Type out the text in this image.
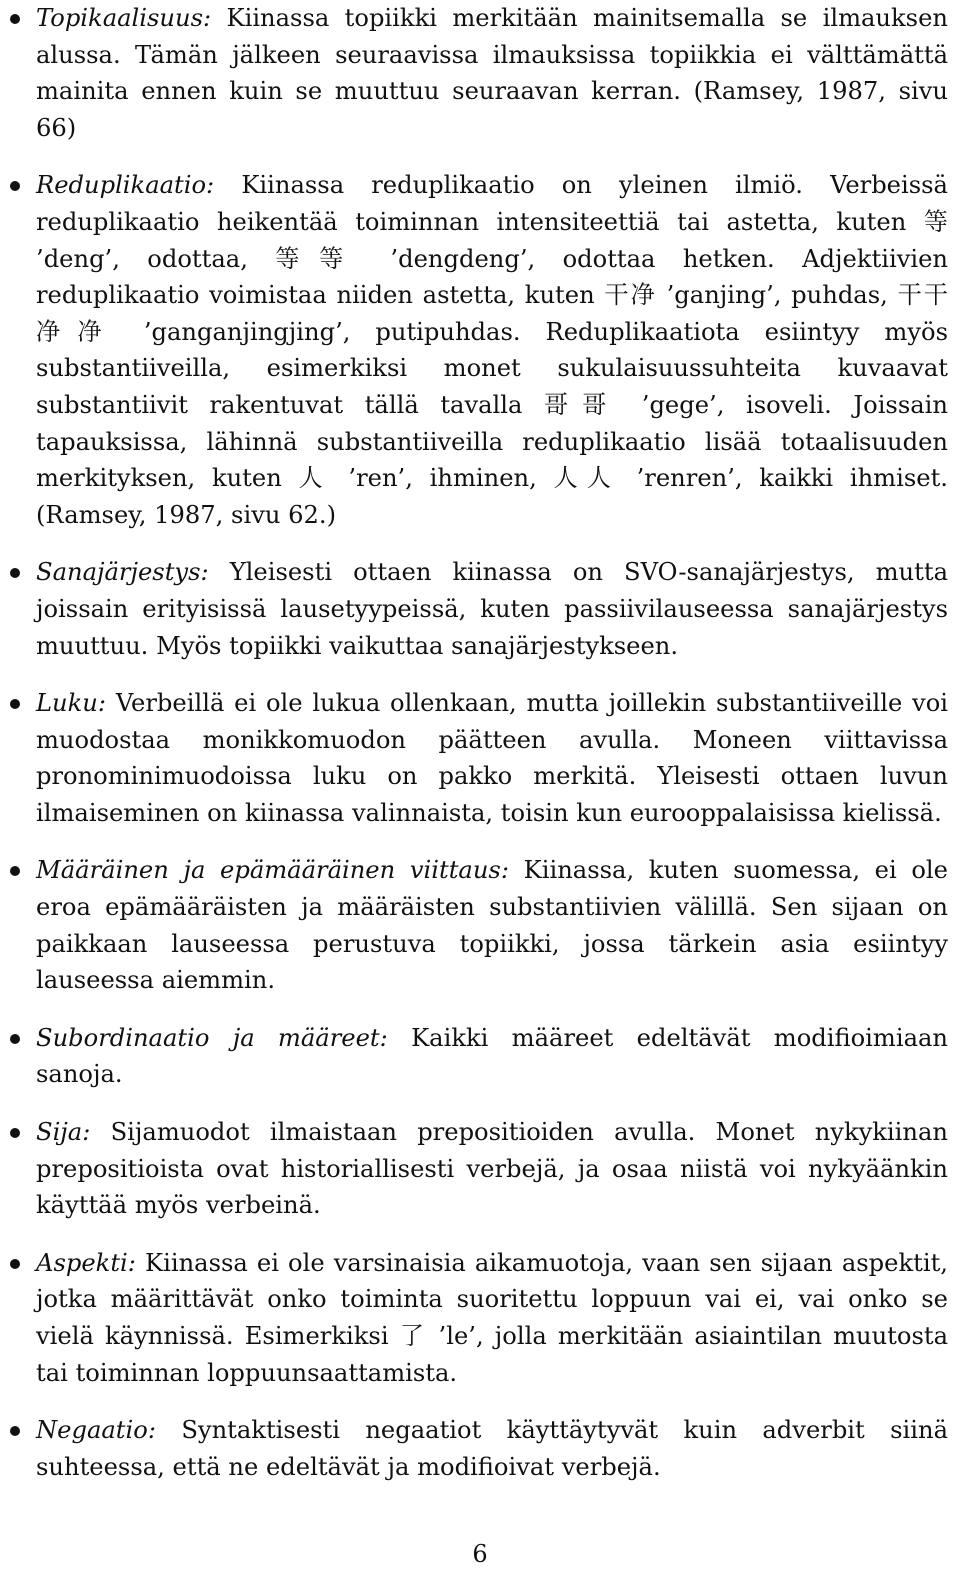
Topikaalisuus: Kiinassa topiikki merkitään mainitsemalla se ilmauksen alussa. Tämän jälkeen seuraavissa ilmauksissa topiikkia ei välttämättä mainita ennen kuin se muuttuu seuraavan kerran. (Ramsey, 1987, sivu 66)
Reduplikaatio: Kiinassa reduplikaatio on yleinen ilmiö. Verbeissä reduplikaatio heikentää toiminnan intensiteettiä tai astetta, kuten 等 ’deng’, odottaa, 等等 ’dengdeng’, odottaa hetken. Adjektiivien reduplikaatio voimistaa niiden astetta, kuten 干净 ’ganjing’, puhdas, 干干净净 ’ganganjingjing’, putipuhdas. Reduplikaatiota esiintyy myös substantiiveilla, esimerkiksi monet sukulaisuussuhteita kuvaavat substantiivit rakentuvat tällä tavalla 哥哥 ’gege’, isoveli. Joissain tapauksissa, lähinnä substantiiveilla reduplikaatio lisää totaalisuuden merkityksen, kuten 人 ’ren’, ihminen, 人人 ’renren’, kaikki ihmiset. (Ramsey, 1987, sivu 62.)
Sanajärjestys: Yleisesti ottaen kiinassa on SVO-sanajärjestys, mutta joissain erityisissä lausetyypeissä, kuten passiivilauseessa sanajärjestys muuttuu. Myös topiikki vaikuttaa sanajärjestykseen.
Luku: Verbeillä ei ole lukua ollenkaan, mutta joillekin substantiiveille voi muodostaa monikkomuodon päätteen avulla. Moneen viittavissa pronominimuodoissa luku on pakko merkitä. Yleisesti ottaen luvun ilmaiseminen on kiinassa valinnaista, toisin kun eurooppalaisissa kielissä.
Määräinen ja epämääräinen viittaus: Kiinassa, kuten suomessa, ei ole eroa epämääräisten ja määräisten substantiivien välillä. Sen sijaan on paikkaan lauseessa perustuva topiikki, jossa tärkein asia esiintyy lauseessa aiemmin.
Subordinaatio ja määreet: Kaikki määreet edeltävät modifioimiaan sanoja.
Sija: Sijamuodot ilmaistaan prepositioiden avulla. Monet nykykiinan prepositioista ovat historiallisesti verbejä, ja osaa niistä voi nykyäänkin käyttää myös verbeinä.
Aspekti: Kiinassa ei ole varsinaisia aikamuotoja, vaan sen sijaan aspektit, jotka määrittävät onko toiminta suoritettu loppuun vai ei, vai onko se vielä käynnissä. Esimerkiksi 了 ’le’, jolla merkitään asiaintilan muutosta tai toiminnan loppuunsaattamista.
Negaatio: Syntaktisesti negaatiot käyttäytyvät kuin adverbit siinä suhteessa, että ne edeltävät ja modifioivat verbejä.
6
